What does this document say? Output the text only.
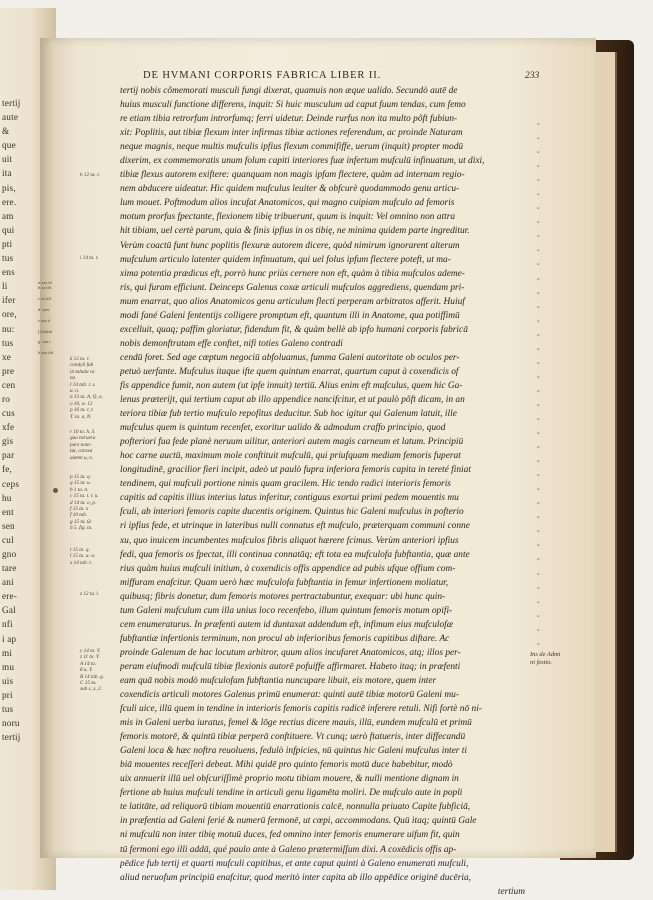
tertij
aute
&
que
uit
ita
pis,
ere.
am
qui
pti
tus
ens
li
ifer
ore,
nu:
tus
xe
pre
cen
ro
cus
xfe
gis
par
fe,
ceps
hu
ent
sen
cul
gno
tare
ani
ere-
Gal
nfi
i ap
mi
mu
uis
pri
tus
noru
tertij
a xxx iii
b xx iiii

c xx iiii

d  xxvi

e xxx ii

f Galeni

g  xxx i

h xxx iiii
DE HVMANI CORPORIS FABRICA LIBER II.	233
tertij nobis cõmemorati musculi fungi dixerat, quamuis non æque ualido. Secundò autē de
huius musculi functione differens, inquit: Si huic musculum ad caput fuum tendas, cum femo
re etiam tibia retrorfum introrfumq; ferri uidetur. Deinde rurfus non ita multo põft fubiun-
xit: Poplitis, aut tibiæ flexum inter infirmas tibiæ actiones referendum, ac proinde Naturam
neque magnis, neque multis mufculis ipfius flexum commififfe, uerum (inquit) propter modū
dixerim, ex commemoratis unum folum capiti interiores fuæ infertum mufculū infinuatum, ut dixi,
tibiæ flexus autorem exiftere: quanquam non magis ipfam flectere, quàm ad internam regio-
nem abducere uideatur. Hic quidem mufculus leuiter & obfcurè quodammodo genu articu-
lum mouet. Poftmodum alios incufat Anatomicos, qui magno cuipiam mufculo ad femoris
motum prorfus fpectante, flexionem tibię tribuerunt, quum is inquit: Vel omnino non attra
hit tibiam, uel certè parum, quia & finis ipfius in os tibię, ne minima quidem parte ingreditur.
Verùm coactū funt hunc poplitis flexuræ autorem dicere, quòd nimirum ignorarent alterum
mufculum articulo latenter quidem infinuatum, qui uel folus ipfum flectere poteft, ut ma-
xima potentia prædicus eft, porrò hunc priùs cernere non eft, quàm à tibia mufculos ademe-
ris, qui furam efficiunt. Deinceps Galenus coxæ articuli mufculos aggrediens, quendam pri-
mum enarrat, quo alios Anatomicos genu articulum flecti perperam arbitratos afferit. Huiuf
modi fané Galeni fententijs colligere promptum eft, quantum illi in Anatome, qua potiffimū
excelluit, quaq; paffim gloriatur, fidendum fit, & quàm bellè ab ipfo humani corporis fabricā
nobis demonftratam effe conftet, nifi toties Galeno contradi
cendū foret. Sed age cœptum negociū abfoluamus, fumma Galeni autoritate ob oculos per-
petuò uerfante. Mufculus itaque ifte quem quintum enarrat, quartum caput à coxendicis of
fis appendice fumit, non autem (ut ipfe innuit) tertiū. Alius enim eft mufculus, quem hic Ga-
lenus præterijt, qui tertium caput ab illo appendice nancifcitur, et ut paulò põft dicam, in an
teriora tibiæ fub tertio mufculo repofitus deducitur. Sub hoc igitur qui Galenum latuit, ille
mufculus quem is quintum recenfet, exoritur ualido & admodum craffo principio, quod
pofteriori fua fede planè neruum uilitur, anteriori autem magis carneum et latum. Principiū
hoc carne auctū, maximum mole conftituit mufculū, qui priufquam mediam femoris fuperat
longitudinē, gracilior fieri incipit, adeò ut paulò fupra inferiora femoris capita in tereté finiat
tendinem, qui mufculi portione nimis quam gracilem. Hic tendo radici interioris femoris
capitis ad capitis illius interius latus inferitur, contiguus exortui primi pedem mouentis mu
fculi, ab interiori femoris capite ducentis originem. Quintus hic Galeni mufculus in pofterio
ri ipfius fede, et utrinque in lateribus nulli connatus eft mufculo, præterquam communi conne
xu, quo inuicem incumbentes mufculos fibris aliquot hærere fcimus. Verùm anteriori ipfius
fedi, qua femoris os fpectat, illi continua connatāq; eft tota ea mufculofa fubftantia, quæ ante
rius quàm huius mufculi initium, à coxendicis offis appendice ad pubis ufque offium com-
miffuram enafcitur. Quam uerò hæc mufculofa fubftantia in femur infertionem moliatur,
quibusq; fibris donetur, dum femoris motores pertractabuntur, exequar: ubi hunc quin-
tum Galeni mufculum cum illa unius loco recenfebo, illum quintum femoris motum opifi-
cem enumeraturus. In præfenti autem id duntaxat addendum eft, infimum eius mufculofæ
fubftantiæ infertionis terminum, non procul ab inferioribus femoris capitibus diftare. Ac
proinde Galenum de hac locutum arbitror, quum alios incufaret Anatomicos, atq; illos per-
peram eiufmodi mufculū tibiæ flexionis autorē pofuiffe affirmaret. Habeto itaq; in præfenti
eam quā nobis modò mufculofam fubftantia nuncupare libuit, eis motore, quem inter
coxendicis articuli motores Galenus primū enumerat: quinti autē tibiæ motorū Galeni mu-
fculi uice, illū quem in tendine in interioris femoris capitis radicē inferere retuli. Nifi fortè nō ni-
mis in Galeni uerba iuratus, femel & lōge rectius dicere mauis, illū, eundem mufculū et primū
femoris motorē, & quintū tibiæ perperā conftituere. Vt cunq; uerò ftatueris, inter diffecandū
Galeni loca & hæc noftra reuoluens, fedulò infpicies, nū quintus hic Galeni mufculus inter ti
biā mouentes receſſeri debeat. Mihi quidē pro quinto femoris motū duce habebitur, modò
uix annuerit illū uel obſcuriſſimè proprio motu tibiam mouere, & nulli mentione dignam in
fertione ab huius mufculi tendine in articuli genu ligamēta moliri. De mufculo aute in popli
te latitāte, ad reliquorū tibiam mouentiū enarrationis calcē, nonnulla priuato Capite fubficiā,
in præfentia ad Galeni ferié & numerū fermonē, ut cœpi, accommodans. Quū itaq; quintū Gale
ni mufculū non inter tibię motuū duces, fed omnino inter femoris enumerare uifum fit, quin
tū fermoni ego illi addā, qué paulo ante à Galeno prætermiſſum dixi. A coxēdicis offis ap-
pēdice fub tertij et quarti mufculi capitibus, et ante caput quinti à Galeno enumerati mufculi,
aliud neruofum principiū enafcitur, quod meritò inter capita ab illo appēdice originē ducēria,
tertium
h 12 ta. c.
i 14 ta. r.
k 12 ta. r.
condyli fub
in tabula ra
no
l 14 tab. r. s.
u. n.
n 13 ta. A, Q, u.
o 10, w. 12
p 16 ta. r, r.
T. ta. a, N.
r 10 ta. h, S.
quo neruera
pars nota-
tur, carnea
autem u, n.
p 15 ta. q.
q 15 ta. u.
b 1 ta. n.
c 15 ta. t. r. u.
d 14 ta. o, p.
f 15 ta. x
f 10 tab.
g 15 ta. Ω
h 5. fig. ta.
t 15 ta. q.
l 15 ta. u. w.
x 14 tab. t.
z 12 ta. l.
y 14 ta. Y.
z 11 ta. Y.
A 14 ta.
8 u. Y.
B 14 tab. g.
C 15 ta.
sub s, x, 2.
„
„
„
„
„
„
„
„
„
„
„
„
„
„
„
„
„
„
„
„
„
„
„
„
„
„
„
„
„
„
„
„
„
„
„
„
„
„
Ins de Admi
ni festio.
